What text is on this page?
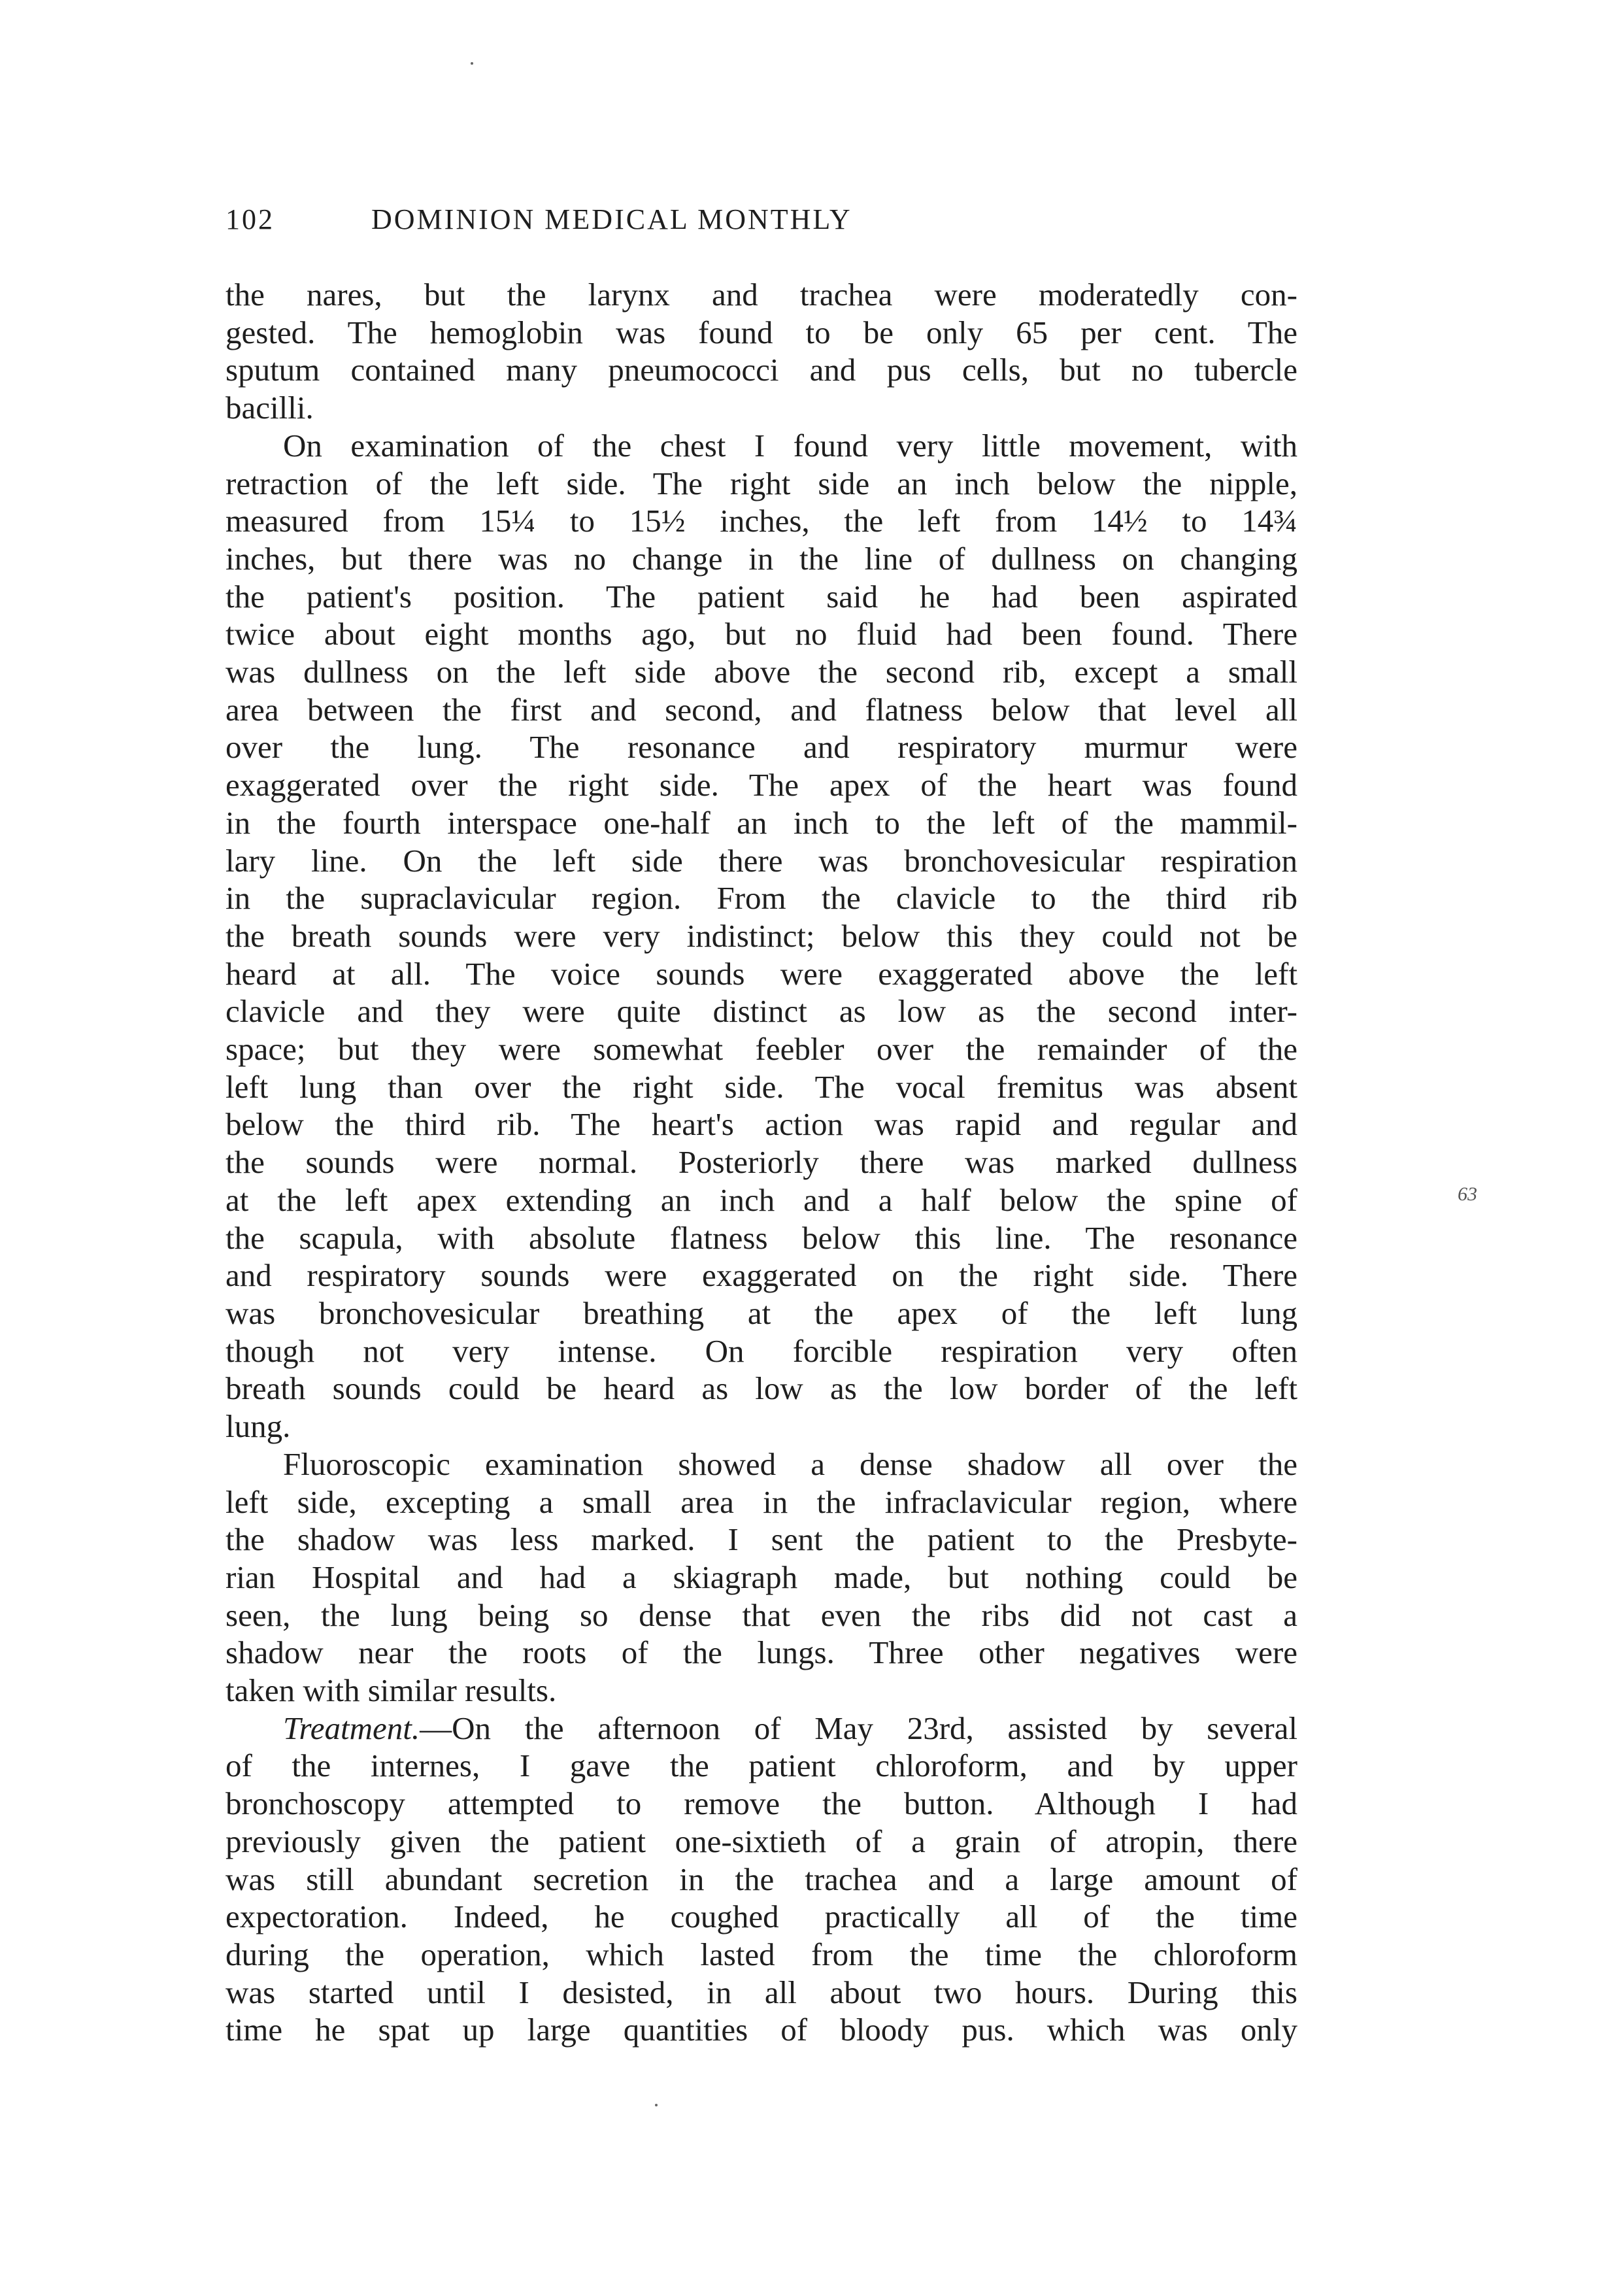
102	DOMINION MEDICAL MONTHLY

the nares, but the larynx and trachea were moderatedly con-
gested. The hemoglobin was found to be only 65 per cent. The
sputum contained many pneumococci and pus cells, but no tubercle
bacilli.

On examination of the chest I found very little movement, with
retraction of the left side. The right side an inch below the nipple,
measured from 15¼ to 15½ inches, the left from 14½ to 14¾
inches, but there was no change in the line of dullness on changing
the patient's position. The patient said he had been aspirated
twice about eight months ago, but no fluid had been found. There
was dullness on the left side above the second rib, except a small
area between the first and second, and flatness below that level all
over the lung. The resonance and respiratory murmur were
exaggerated over the right side. The apex of the heart was found
in the fourth interspace one-half an inch to the left of the mammil-
lary line. On the left side there was bronchovesicular respiration
in the supraclavicular region. From the clavicle to the third rib
the breath sounds were very indistinct; below this they could not be
heard at all. The voice sounds were exaggerated above the left
clavicle and they were quite distinct as low as the second inter-
space; but they were somewhat feebler over the remainder of the
left lung than over the right side. The vocal fremitus was absent
below the third rib. The heart's action was rapid and regular and
the sounds were normal. Posteriorly there was marked dullness
at the left apex extending an inch and a half below the spine of
the scapula, with absolute flatness below this line. The resonance
and respiratory sounds were exaggerated on the right side. There
was bronchovesicular breathing at the apex of the left lung
though not very intense. On forcible respiration very often
breath sounds could be heard as low as the low border of the left
lung.

Fluoroscopic examination showed a dense shadow all over the
left side, excepting a small area in the infraclavicular region, where
the shadow was less marked. I sent the patient to the Presbyte-
rian Hospital and had a skiagraph made, but nothing could be
seen, the lung being so dense that even the ribs did not cast a
shadow near the roots of the lungs. Three other negatives were
taken with similar results.

Treatment.—On the afternoon of May 23rd, assisted by several
of the internes, I gave the patient chloroform, and by upper
bronchoscopy attempted to remove the button. Although I had
previously given the patient one-sixtieth of a grain of atropin, there
was still abundant secretion in the trachea and a large amount of
expectoration. Indeed, he coughed practically all of the time
during the operation, which lasted from the time the chloroform
was started until I desisted, in all about two hours. During this
time he spat up large quantities of bloody pus. which was only

63
